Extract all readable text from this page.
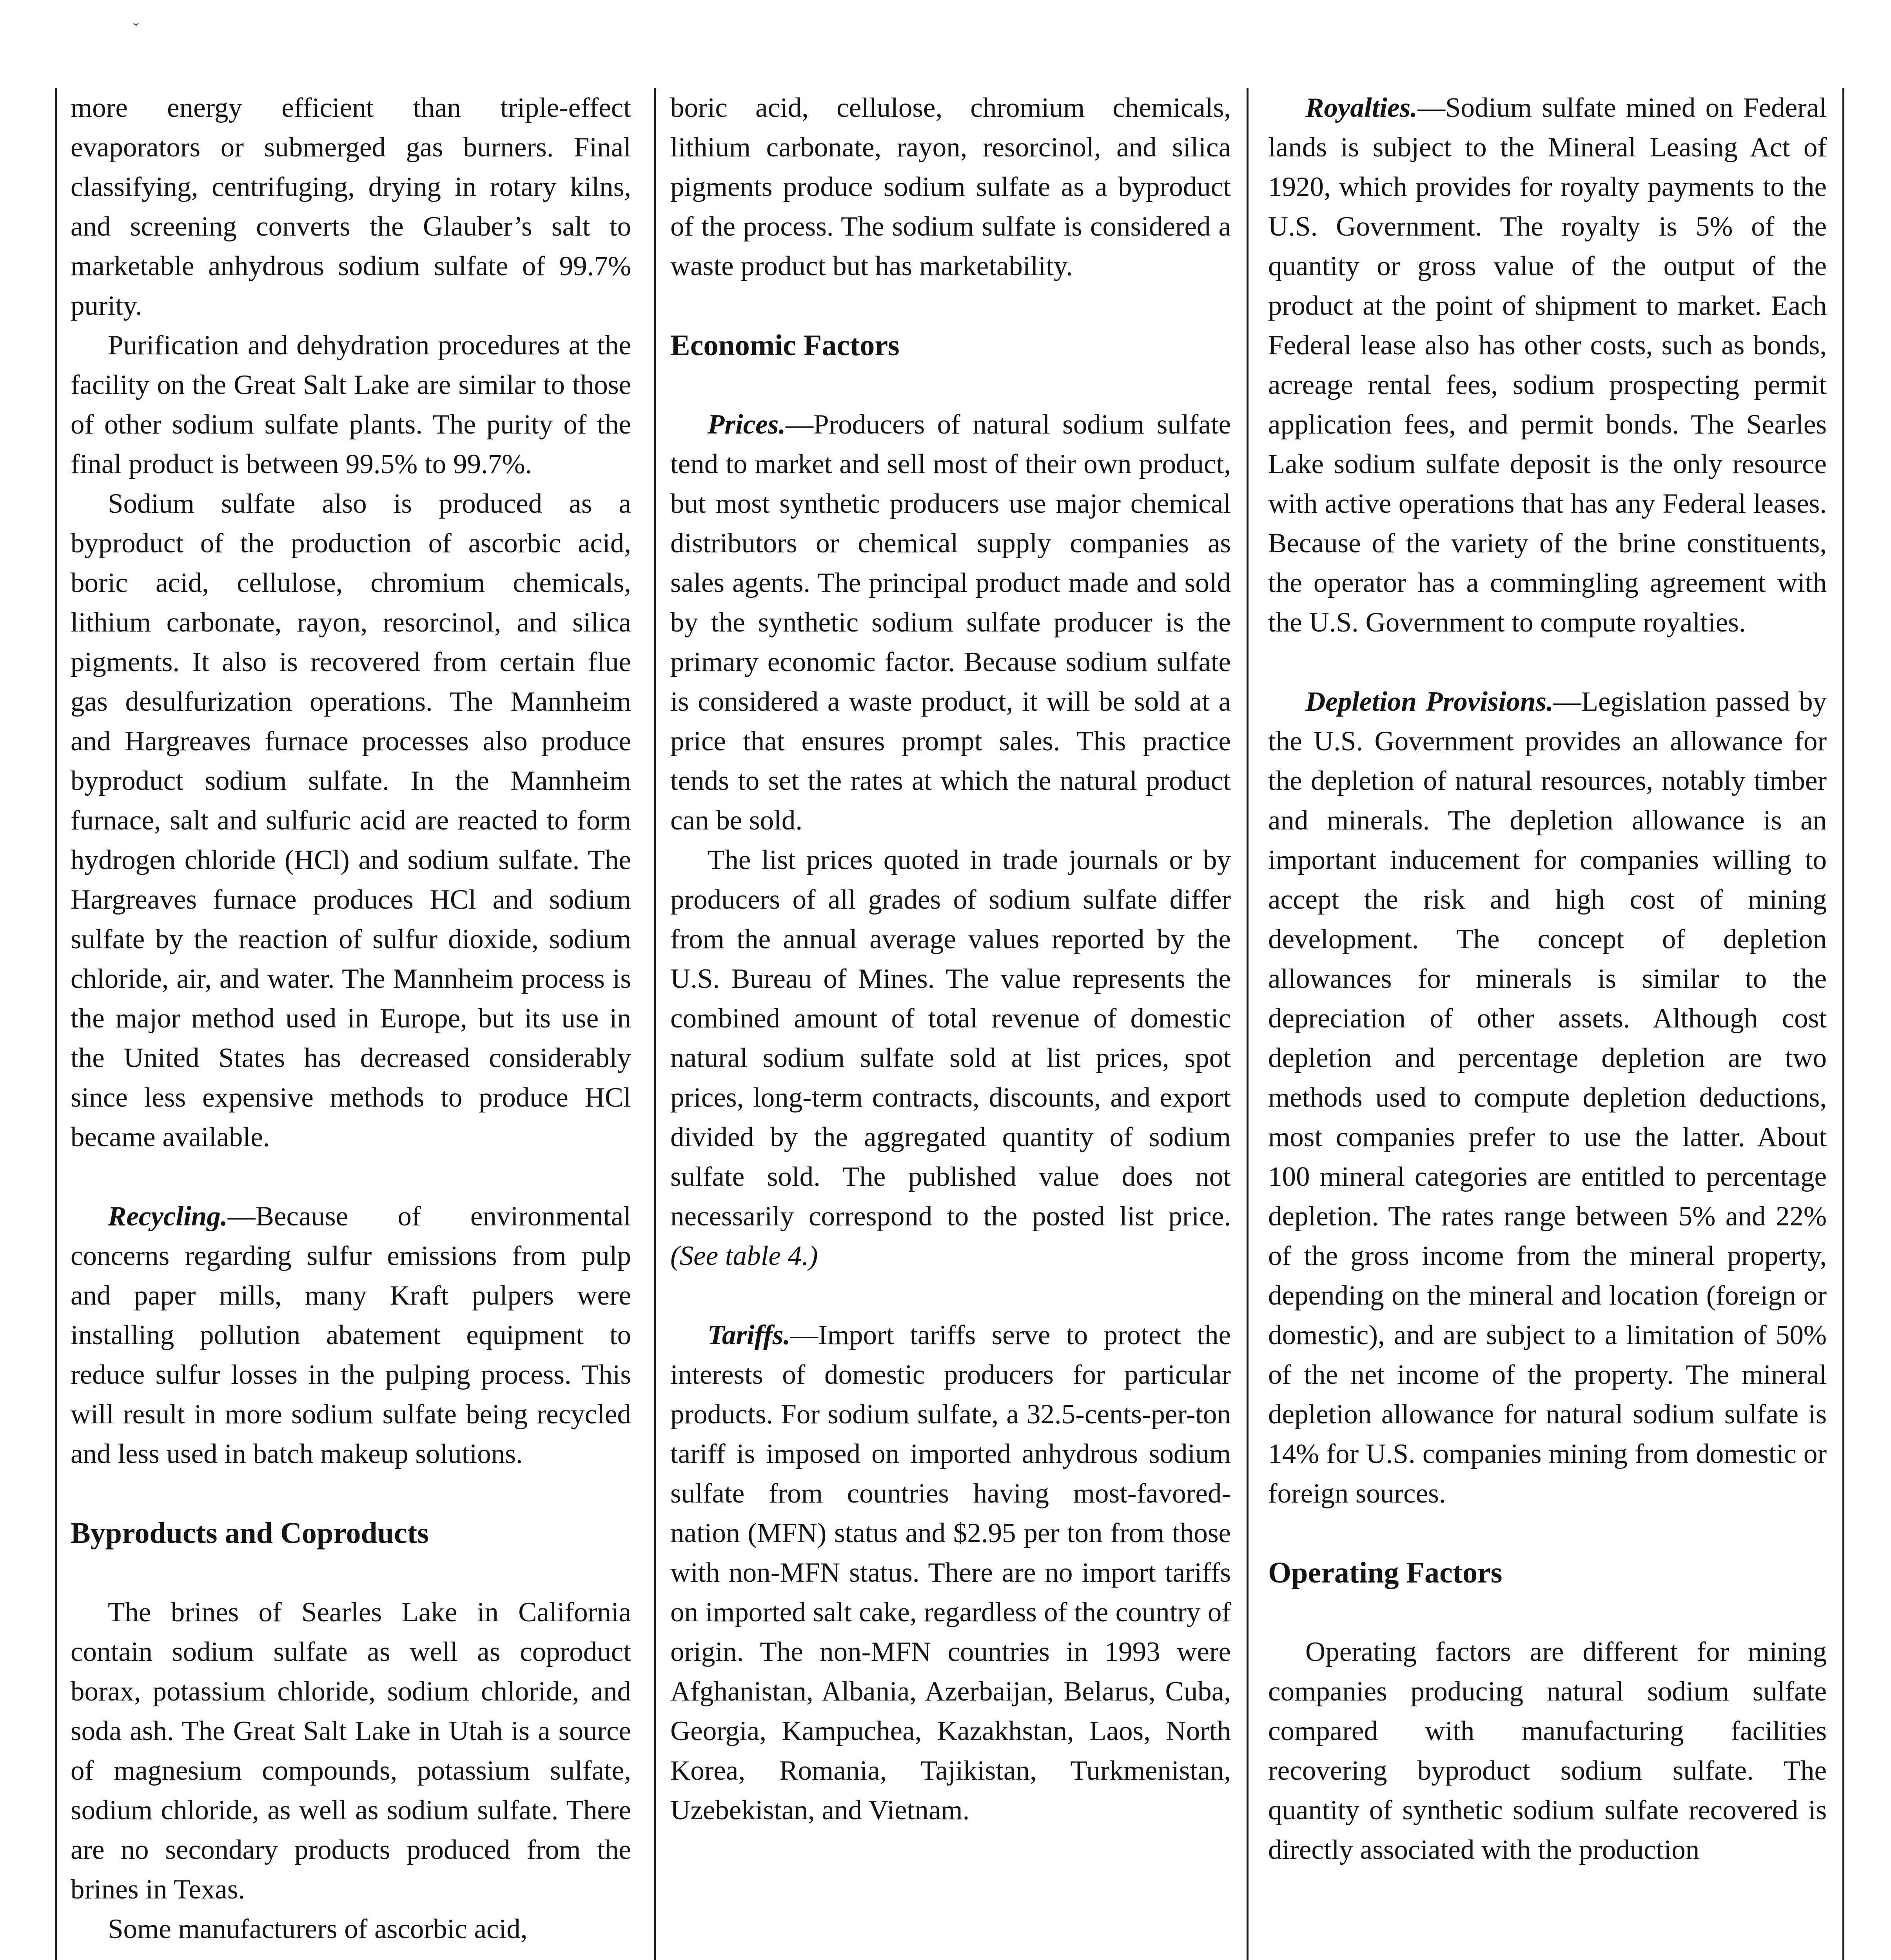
ˇ

more energy efficient than triple-effect evaporators or submerged gas burners. Final classifying, centrifuging, drying in rotary kilns, and screening converts the Glauber’s salt to marketable anhydrous sodium sulfate of 99.7% purity.

Purification and dehydration procedures at the facility on the Great Salt Lake are similar to those of other sodium sulfate plants. The purity of the final product is between 99.5% to 99.7%.

Sodium sulfate also is produced as a byproduct of the production of ascorbic acid, boric acid, cellulose, chromium chemicals, lithium carbonate, rayon, resorcinol, and silica pigments. It also is recovered from certain flue gas desulfurization operations. The Mannheim and Hargreaves furnace processes also produce byproduct sodium sulfate. In the Mannheim furnace, salt and sulfuric acid are reacted to form hydrogen chloride (HCl) and sodium sulfate. The Hargreaves furnace produces HCl and sodium sulfate by the reaction of sulfur dioxide, sodium chloride, air, and water. The Mannheim process is the major method used in Europe, but its use in the United States has decreased considerably since less expensive methods to produce HCl became available.

Recycling.—Because of environmental concerns regarding sulfur emissions from pulp and paper mills, many Kraft pulpers were installing pollution abatement equipment to reduce sulfur losses in the pulping process. This will result in more sodium sulfate being recycled and less used in batch makeup solutions.

Byproducts and Coproducts

The brines of Searles Lake in California contain sodium sulfate as well as coproduct borax, potassium chloride, sodium chloride, and soda ash. The Great Salt Lake in Utah is a source of magnesium compounds, potassium sulfate, sodium chloride, as well as sodium sulfate. There are no secondary products produced from the brines in Texas.

Some manufacturers of ascorbic acid,

boric acid, cellulose, chromium chemicals, lithium carbonate, rayon, resorcinol, and silica pigments produce sodium sulfate as a byproduct of the process. The sodium sulfate is considered a waste product but has marketability.

Economic Factors

Prices.—Producers of natural sodium sulfate tend to market and sell most of their own product, but most synthetic producers use major chemical distributors or chemical supply companies as sales agents. The principal product made and sold by the synthetic sodium sulfate producer is the primary economic factor. Because sodium sulfate is considered a waste product, it will be sold at a price that ensures prompt sales. This practice tends to set the rates at which the natural product can be sold.

The list prices quoted in trade journals or by producers of all grades of sodium sulfate differ from the annual average values reported by the U.S. Bureau of Mines. The value represents the combined amount of total revenue of domestic natural sodium sulfate sold at list prices, spot prices, long-term contracts, discounts, and export divided by the aggregated quantity of sodium sulfate sold. The published value does not necessarily correspond to the posted list price. (See table 4.)

Tariffs.—Import tariffs serve to protect the interests of domestic producers for particular products. For sodium sulfate, a 32.5-cents-per-ton tariff is imposed on imported anhydrous sodium sulfate from countries having most-favored-nation (MFN) status and $2.95 per ton from those with non-MFN status. There are no import tariffs on imported salt cake, regardless of the country of origin. The non-MFN countries in 1993 were Afghanistan, Albania, Azerbaijan, Belarus, Cuba, Georgia, Kampuchea, Kazakhstan, Laos, North Korea, Romania, Tajikistan, Turkmenistan, Uzebekistan, and Vietnam.

Royalties.—Sodium sulfate mined on Federal lands is subject to the Mineral Leasing Act of 1920, which provides for royalty payments to the U.S. Government. The royalty is 5% of the quantity or gross value of the output of the product at the point of shipment to market. Each Federal lease also has other costs, such as bonds, acreage rental fees, sodium prospecting permit application fees, and permit bonds. The Searles Lake sodium sulfate deposit is the only resource with active operations that has any Federal leases. Because of the variety of the brine constituents, the operator has a commingling agreement with the U.S. Government to compute royalties.

Depletion Provisions.—Legislation passed by the U.S. Government provides an allowance for the depletion of natural resources, notably timber and minerals. The depletion allowance is an important inducement for companies willing to accept the risk and high cost of mining development. The concept of depletion allowances for minerals is similar to the depreciation of other assets. Although cost depletion and percentage depletion are two methods used to compute depletion deductions, most companies prefer to use the latter. About 100 mineral categories are entitled to percentage depletion. The rates range between 5% and 22% of the gross income from the mineral property, depending on the mineral and location (foreign or domestic), and are subject to a limitation of 50% of the net income of the property. The mineral depletion allowance for natural sodium sulfate is 14% for U.S. companies mining from domestic or foreign sources.

Operating Factors

Operating factors are different for mining companies producing natural sodium sulfate compared with manufacturing facilities recovering byproduct sodium sulfate. The quantity of synthetic sodium sulfate recovered is directly associated with the production
